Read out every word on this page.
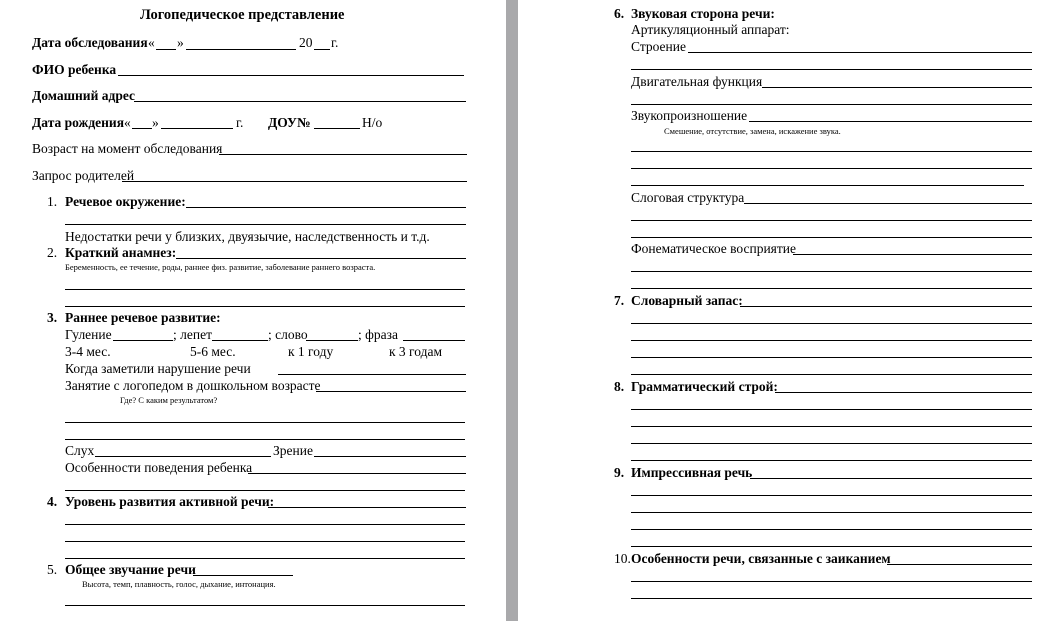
Логопедическое представление
Дата обследования « »	20 г.
ФИО ребенка
Домашний адрес
Дата рождения « »	г. ДОУ№	Н/о
Возраст на момент обследования
Запрос родителей
1. Речевое окружение:
Недостатки речи у близких, двуязычие, наследственность и т.д.
2. Краткий анамнез:
Беременность, ее течение, роды, раннее физ. развитие, заболевание раннего возраста.
3. Раннее речевое развитие:
Гуление	; лепет	; слово	; фраза
3-4 мес.	5-6 мес.	к 1 году	к 3 годам
Когда заметили нарушение речи
Занятие с логопедом в дошкольном возрасте
Где? С каким результатом?
Слух	Зрение
Особенности поведения ребенка
4. Уровень развития активной речи:
5. Общее звучание речи
Высота, темп, плавность, голос, дыхание, интонация.
6. Звуковая сторона речи:
Артикуляционный аппарат:
Строение
Двигательная функция
Звукопроизношение
Смешение, отсутствие, замена, искажение звука.
Слоговая структура
Фонематическое восприятие
7. Словарный запас:
8. Грамматический строй:
9. Импрессивная речь
10. Особенности речи, связанные с заиканием
